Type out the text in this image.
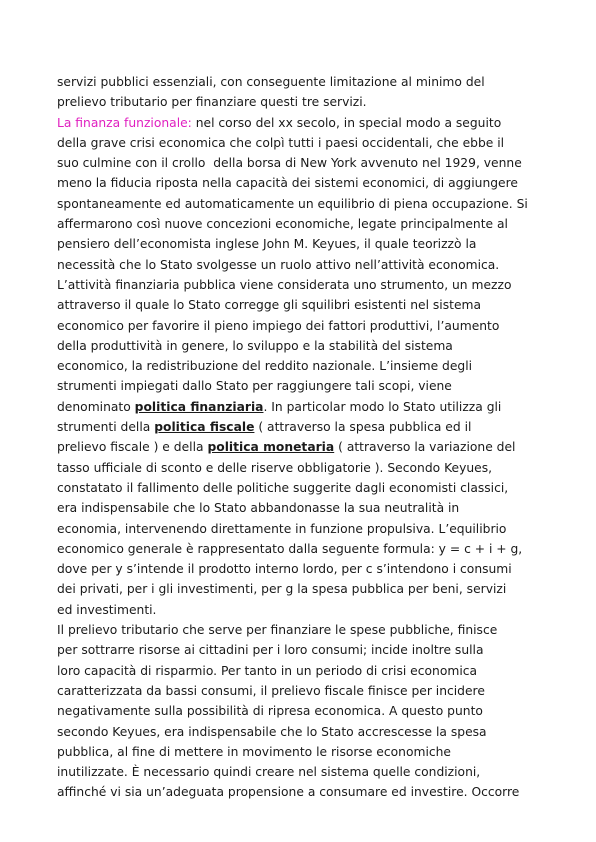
servizi pubblici essenziali, con conseguente limitazione al minimo del
prelievo tributario per finanziare questi tre servizi.
La finanza funzionale: nel corso del xx secolo, in special modo a seguito
della grave crisi economica che colpì tutti i paesi occidentali, che ebbe il
suo culmine con il crollo  della borsa di New York avvenuto nel 1929, venne
meno la fiducia riposta nella capacità dei sistemi economici, di aggiungere
spontaneamente ed automaticamente un equilibrio di piena occupazione. Si
affermarono così nuove concezioni economiche, legate principalmente al
pensiero dell’economista inglese John M. Keyues, il quale teorizzò la
necessità che lo Stato svolgesse un ruolo attivo nell’attività economica.
L’attività finanziaria pubblica viene considerata uno strumento, un mezzo
attraverso il quale lo Stato corregge gli squilibri esistenti nel sistema
economico per favorire il pieno impiego dei fattori produttivi, l’aumento
della produttività in genere, lo sviluppo e la stabilità del sistema
economico, la redistribuzione del reddito nazionale. L’insieme degli
strumenti impiegati dallo Stato per raggiungere tali scopi, viene
denominato politica finanziaria. In particolar modo lo Stato utilizza gli
strumenti della politica fiscale ( attraverso la spesa pubblica ed il
prelievo fiscale ) e della politica monetaria ( attraverso la variazione del
tasso ufficiale di sconto e delle riserve obbligatorie ). Secondo Keyues,
constatato il fallimento delle politiche suggerite dagli economisti classici,
era indispensabile che lo Stato abbandonasse la sua neutralità in
economia, intervenendo direttamente in funzione propulsiva. L’equilibrio
economico generale è rappresentato dalla seguente formula: y = c + i + g,
dove per y s’intende il prodotto interno lordo, per c s’intendono i consumi
dei privati, per i gli investimenti, per g la spesa pubblica per beni, servizi
ed investimenti.
Il prelievo tributario che serve per finanziare le spese pubbliche, finisce
per sottrarre risorse ai cittadini per i loro consumi; incide inoltre sulla
loro capacità di risparmio. Per tanto in un periodo di crisi economica
caratterizzata da bassi consumi, il prelievo fiscale finisce per incidere
negativamente sulla possibilità di ripresa economica. A questo punto
secondo Keyues, era indispensabile che lo Stato accrescesse la spesa
pubblica, al fine di mettere in movimento le risorse economiche
inutilizzate. È necessario quindi creare nel sistema quelle condizioni,
affinché vi sia un’adeguata propensione a consumare ed investire. Occorre
